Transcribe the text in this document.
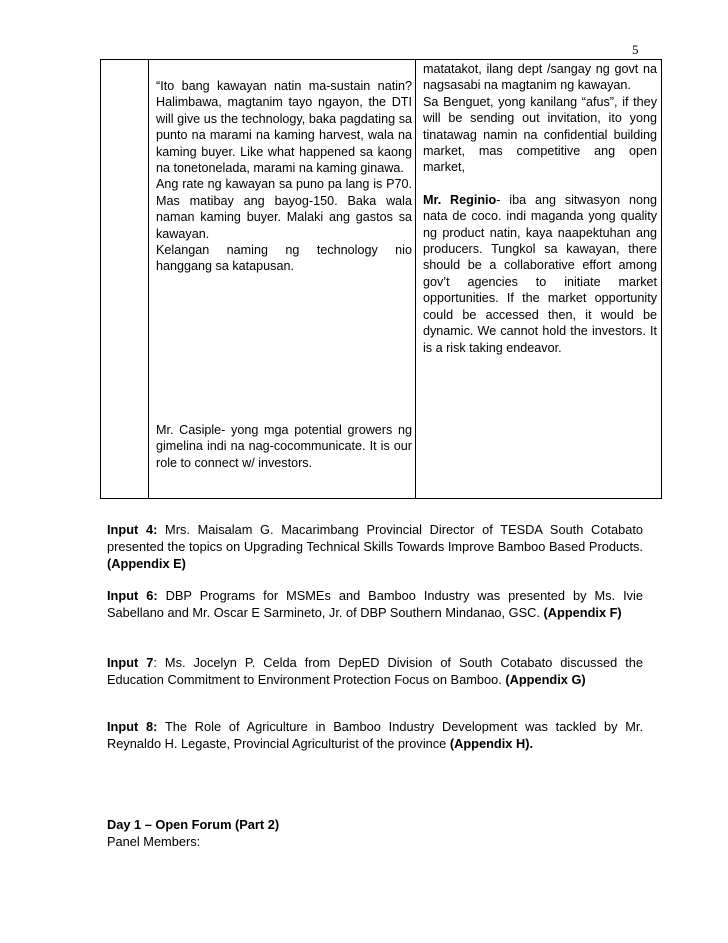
5

“Ito bang kawayan natin ma-sustain natin? Halimbawa, magtanim tayo ngayon, the DTI will give us the technology, baka pagdating sa punto na marami na kaming harvest, wala na kaming buyer. Like what happened sa kaong na tonetonelada, marami na kaming ginawa.

Ang rate ng kawayan sa puno pa lang is P70. Mas matibay ang bayog-150. Baka wala naman kaming buyer. Malaki ang gastos sa kawayan.

Kelangan naming ng technology nio hanggang sa katapusan.

Mr. Casiple- yong mga potential growers ng gimelina indi na nag-cocommunicate. It is our role to connect w/ investors.

matatakot, ilang dept /sangay ng govt na nagsasabi na magtanim ng kawayan.

Sa Benguet, yong kanilang “afus”, if they will be sending out invitation, ito yong tinatawag namin na confidential building market, mas competitive ang open market,

Mr. Reginio- iba ang sitwasyon nong nata de coco. indi maganda yong quality ng product natin, kaya naapektuhan ang producers. Tungkol sa kawayan, there should be a collaborative effort among gov’t agencies to initiate market opportunities. If the market opportunity could be accessed then, it would be dynamic. We cannot hold the investors. It is a risk taking endeavor.

Input 4: Mrs. Maisalam G. Macarimbang Provincial Director of TESDA South Cotabato presented the topics on Upgrading Technical Skills Towards Improve Bamboo Based Products. (Appendix E)

Input 6: DBP Programs for MSMEs and Bamboo Industry was presented by Ms. Ivie Sabellano and Mr. Oscar E Sarmineto, Jr. of DBP Southern Mindanao, GSC. (Appendix F)

Input 7: Ms. Jocelyn P. Celda from DepED Division of South Cotabato discussed the Education Commitment to Environment Protection Focus on Bamboo. (Appendix G)

Input 8: The Role of Agriculture in Bamboo Industry Development was tackled by Mr. Reynaldo H. Legaste, Provincial Agriculturist of the province (Appendix H).

Day 1 – Open Forum (Part 2)

Panel Members:
